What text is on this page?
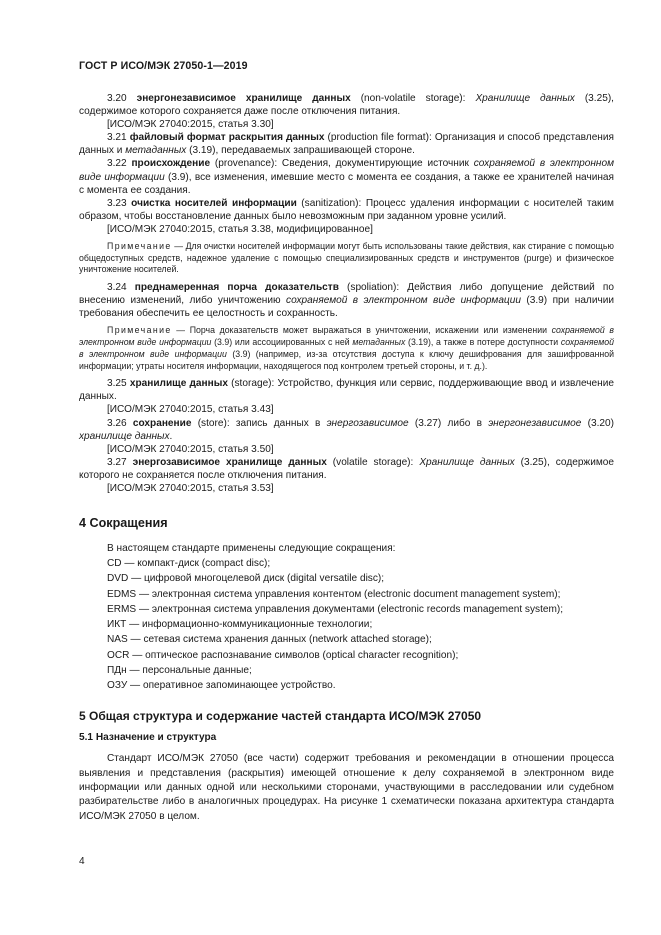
ГОСТ Р ИСО/МЭК 27050-1—2019

3.20 энергонезависимое хранилище данных (non-volatile storage): Хранилище данных (3.25), содержимое которого сохраняется даже после отключения питания.

[ИСО/МЭК 27040:2015, статья 3.30]

3.21 файловый формат раскрытия данных (production file format): Организация и способ представления данных и метаданных (3.19), передаваемых запрашивающей стороне.

3.22 происхождение (provenance): Сведения, документирующие источник сохраняемой в электронном виде информации (3.9), все изменения, имевшие место с момента ее создания, а также ее хранителей начиная с момента ее создания.

3.23 очистка носителей информации (sanitization): Процесс удаления информации с носителей таким образом, чтобы восстановление данных было невозможным при заданном уровне усилий.

[ИСО/МЭК 27040:2015, статья 3.38, модифицированное]

Примечание — Для очистки носителей информации могут быть использованы такие действия, как стирание с помощью общедоступных средств, надежное удаление с помощью специализированных средств и инструментов (purge) и физическое уничтожение носителей.

3.24 преднамеренная порча доказательств (spoliation): Действия либо допущение действий по внесению изменений, либо уничтожению сохраняемой в электронном виде информации (3.9) при наличии требования обеспечить ее целостность и сохранность.

Примечание — Порча доказательств может выражаться в уничтожении, искажении или изменении сохраняемой в электронном виде информации (3.9) или ассоциированных с ней метаданных (3.19), а также в потере доступности сохраняемой в электронном виде информации (3.9) (например, из-за отсутствия доступа к ключу дешифрования для зашифрованной информации; утраты носителя информации, находящегося под контролем третьей стороны, и т. д.).

3.25 хранилище данных (storage): Устройство, функция или сервис, поддерживающие ввод и извлечение данных.

[ИСО/МЭК 27040:2015, статья 3.43]

3.26 сохранение (store): запись данных в энергозависимое (3.27) либо в энергонезависимое (3.20) хранилище данных.

[ИСО/МЭК 27040:2015, статья 3.50]

3.27 энергозависимое хранилище данных (volatile storage): Хранилище данных (3.25), содержимое которого не сохраняется после отключения питания.

[ИСО/МЭК 27040:2015, статья 3.53]

4 Сокращения

В настоящем стандарте применены следующие сокращения:

CD — компакт-диск (compact disc);

DVD — цифровой многоцелевой диск (digital versatile disc);

EDMS — электронная система управления контентом (electronic document management system);

ERMS — электронная система управления документами (electronic records management system);

ИКТ — информационно-коммуникационные технологии;

NAS — сетевая система хранения данных (network attached storage);

OCR — оптическое распознавание символов (optical character recognition);

ПДн — персональные данные;

ОЗУ — оперативное запоминающее устройство.

5 Общая структура и содержание частей стандарта ИСО/МЭК 27050
5.1 Назначение и структура

Стандарт ИСО/МЭК 27050 (все части) содержит требования и рекомендации в отношении процесса выявления и представления (раскрытия) имеющей отношение к делу сохраняемой в электронном виде информации или данных одной или несколькими сторонами, участвующими в расследовании или судебном разбирательстве либо в аналогичных процедурах. На рисунке 1 схематически показана архитектура стандарта ИСО/МЭК 27050 в целом.

4
